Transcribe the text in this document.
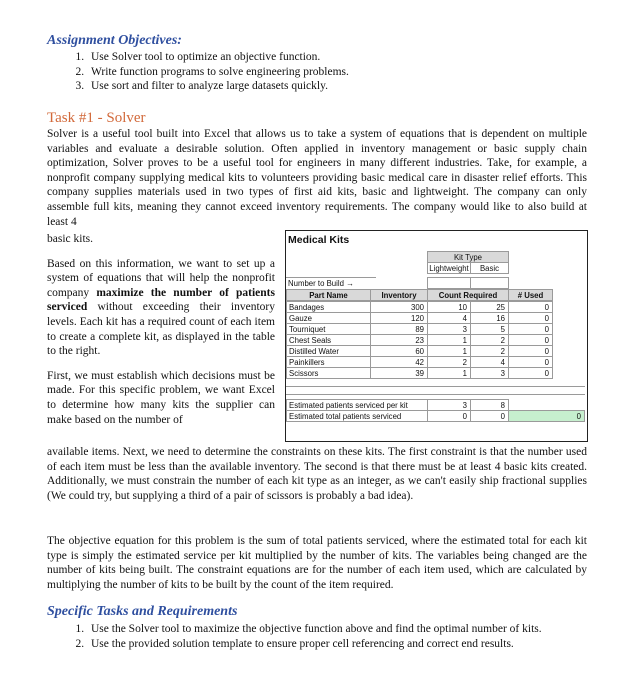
Assignment Objectives:
1. Use Solver tool to optimize an objective function.
2. Write function programs to solve engineering problems.
3. Use sort and filter to analyze large datasets quickly.
Task #1 - Solver

Solver is a useful tool built into Excel that allows us to take a system of equations that is dependent on multiple variables and evaluate a desirable solution. Often applied in inventory management or basic supply chain optimization, Solver proves to be a useful tool for engineers in many different industries. Take, for example, a nonprofit company supplying medical kits to volunteers providing basic medical care in disaster relief efforts. This company supplies materials used in two types of first aid kits, basic and lightweight. The company can only assemble full kits, meaning they cannot exceed inventory requirements. The company would like to also build at least 4

basic kits.

Based on this information, we want to set up a system of equations that will help the nonprofit company maximize the number of patients serviced without exceeding their inventory levels. Each kit has a required count of each item to create a complete kit, as displayed in the table to the right.

First, we must establish which decisions must be made. For this specific problem, we want Excel to determine how many kits the supplier can make based on the number of

available items. Next, we need to determine the constraints on these kits. The first constraint is that the number used of each item must be less than the available inventory. The second is that there must be at least 4 basic kits created. Additionally, we must constrain the number of each kit type as an integer, as we can't easily ship fractional supplies (We could try, but supplying a third of a pair of scissors is probably a bad idea).

The objective equation for this problem is the sum of total patients serviced, where the estimated total for each kit type is simply the estimated service per kit multiplied by the number of kits. The variables being changed are the number of kits being built. The constraint equations are for the number of each item used, which are calculated by multiplying the number of kits to be built by the count of the item required.

Specific Tasks and Requirements
1. Use the Solver tool to maximize the objective function above and find the optimal number of kits.
2. Use the provided solution template to ensure proper cell referencing and correct end results.
Medical Kits
Kit Type
Lightweight	Basic
Number to Build →
Part Name	Inventory	Count Required	# Used
Bandages	300	10	25	0
Gauze	120	4	16	0
Tourniquet	89	3	5	0
Chest Seals	23	1	2	0
Distilled Water	60	1	2	0
Painkillers	42	2	4	0
Scissors	39	1	3	0
Estimated patients serviced per kit	3	8
Estimated total patients serviced	0	0	0
